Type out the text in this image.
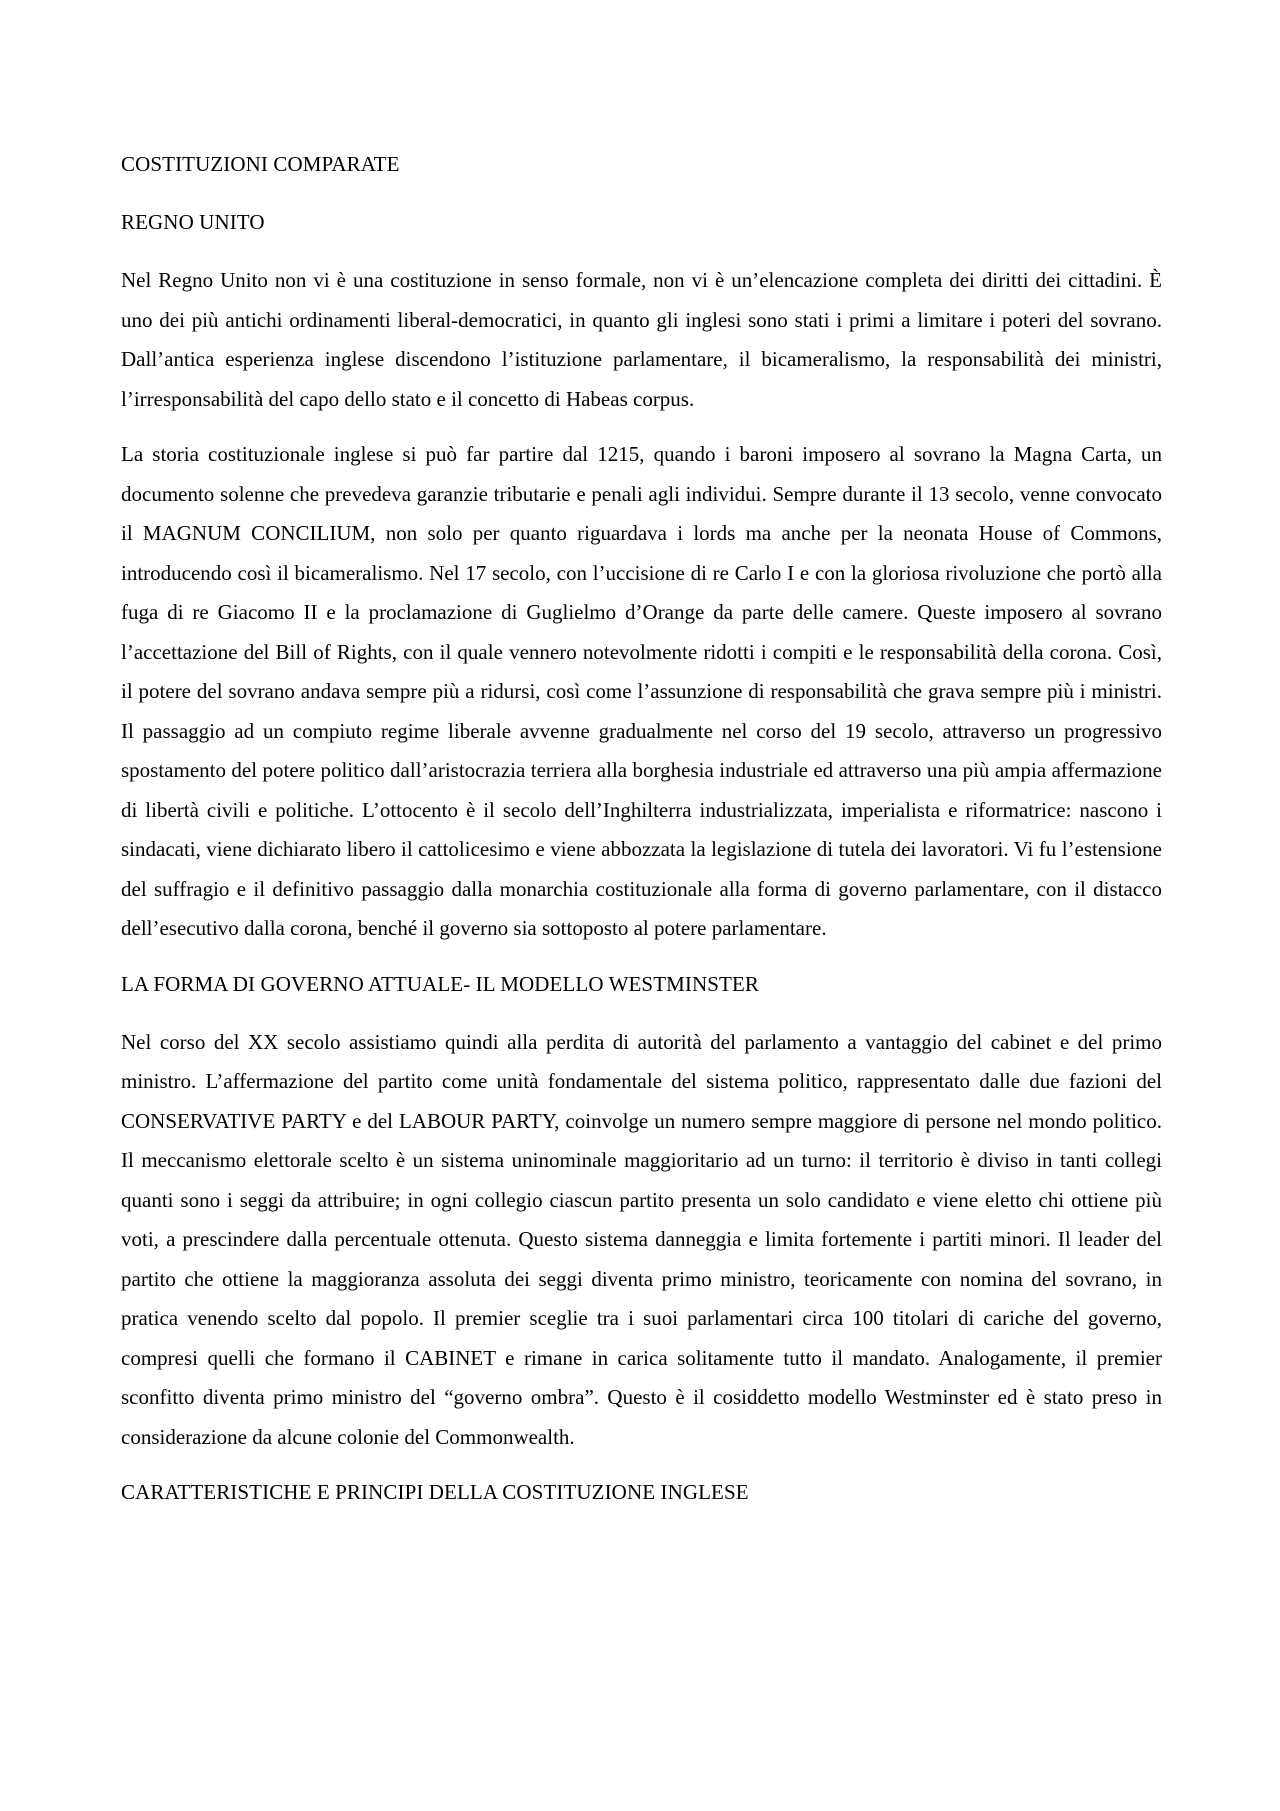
COSTITUZIONI COMPARATE
REGNO UNITO

Nel Regno Unito non vi è una costituzione in senso formale, non vi è un’elencazione completa dei diritti dei cittadini. È uno dei più antichi ordinamenti liberal-democratici, in quanto gli inglesi sono stati i primi a limitare i poteri del sovrano. Dall’antica esperienza inglese discendono l’istituzione parlamentare, il bicameralismo, la responsabilità dei ministri, l’irresponsabilità del capo dello stato e il concetto di Habeas corpus.

La storia costituzionale inglese si può far partire dal 1215, quando i baroni imposero al sovrano la Magna Carta, un documento solenne che prevedeva garanzie tributarie e penali agli individui. Sempre durante il 13 secolo, venne convocato il MAGNUM CONCILIUM, non solo per quanto riguardava i lords ma anche per la neonata House of Commons, introducendo così il bicameralismo. Nel 17 secolo, con l’uccisione di re Carlo I e con la gloriosa rivoluzione che portò alla fuga di re Giacomo II e la proclamazione di Guglielmo d’Orange da parte delle camere. Queste imposero al sovrano l’accettazione del Bill of Rights, con il quale vennero notevolmente ridotti i compiti e le responsabilità della corona. Così, il potere del sovrano andava sempre più a ridursi, così come l’assunzione di responsabilità che grava sempre più i ministri. Il passaggio ad un compiuto regime liberale avvenne gradualmente nel corso del 19 secolo, attraverso un progressivo spostamento del potere politico dall’aristocrazia terriera alla borghesia industriale ed attraverso una più ampia affermazione di libertà civili e politiche. L’ottocento è il secolo dell’Inghilterra industrializzata, imperialista e riformatrice: nascono i sindacati, viene dichiarato libero il cattolicesimo e viene abbozzata la legislazione di tutela dei lavoratori. Vi fu l’estensione del suffragio e il definitivo passaggio dalla monarchia costituzionale alla forma di governo parlamentare, con il distacco dell’esecutivo dalla corona, benché il governo sia sottoposto al potere parlamentare.

LA FORMA DI GOVERNO ATTUALE- IL MODELLO WESTMINSTER

Nel corso del XX secolo assistiamo quindi alla perdita di autorità del parlamento a vantaggio del cabinet e del primo ministro. L’affermazione del partito come unità fondamentale del sistema politico, rappresentato dalle due fazioni del CONSERVATIVE PARTY e del LABOUR PARTY, coinvolge un numero sempre maggiore di persone nel mondo politico. Il meccanismo elettorale scelto è un sistema uninominale maggioritario ad un turno: il territorio è diviso in tanti collegi quanti sono i seggi da attribuire; in ogni collegio ciascun partito presenta un solo candidato e viene eletto chi ottiene più voti, a prescindere dalla percentuale ottenuta. Questo sistema danneggia e limita fortemente i partiti minori. Il leader del partito che ottiene la maggioranza assoluta dei seggi diventa primo ministro, teoricamente con nomina del sovrano, in pratica venendo scelto dal popolo. Il premier sceglie tra i suoi parlamentari circa 100 titolari di cariche del governo, compresi quelli che formano il CABINET e rimane in carica solitamente tutto il mandato. Analogamente, il premier sconfitto diventa primo ministro del “governo ombra”. Questo è il cosiddetto modello Westminster ed è stato preso in considerazione da alcune colonie del Commonwealth.

CARATTERISTICHE E PRINCIPI DELLA COSTITUZIONE INGLESE
